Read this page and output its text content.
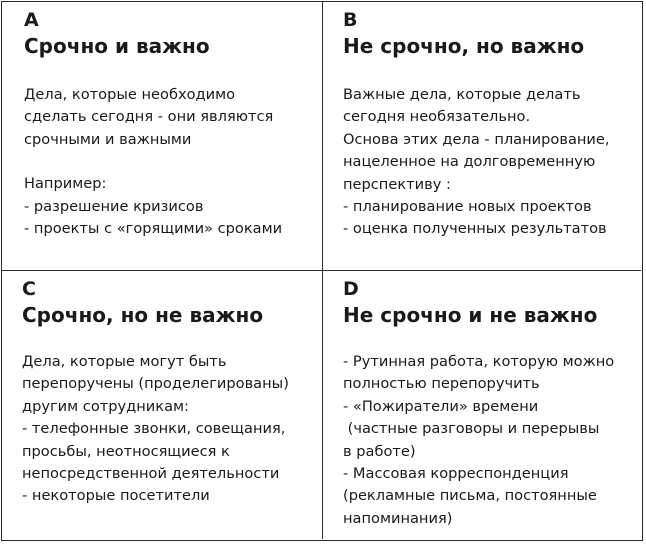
A
Срочно и важно
Дела, которые необходимо
сделать сегодня - они являются
срочными и важными
Например:
- разрешение кризисов
- проекты с «горящими» сроками
B
Не срочно, но важно
Важные дела, которые делать
сегодня необязательно.
Основа этих дела - планирование,
нацеленное на долговременную
перспективу :
- планирование новых проектов
- оценка полученных результатов
C
Срочно, но не важно
Дела, которые могут быть
перепоручены (проделегированы)
другим сотрудникам:
- телефонные звонки, совещания,
просьбы, неотносящиеся к
непосредственной деятельности
- некоторые посетители
D
Не срочно и не важно
- Рутинная работа, которую можно
полностью перепоручить
- «Пожиратели» времени
(частные разговоры и перерывы
в работе)
- Массовая корреспонденция
(рекламные письма, постоянные
напоминания)
